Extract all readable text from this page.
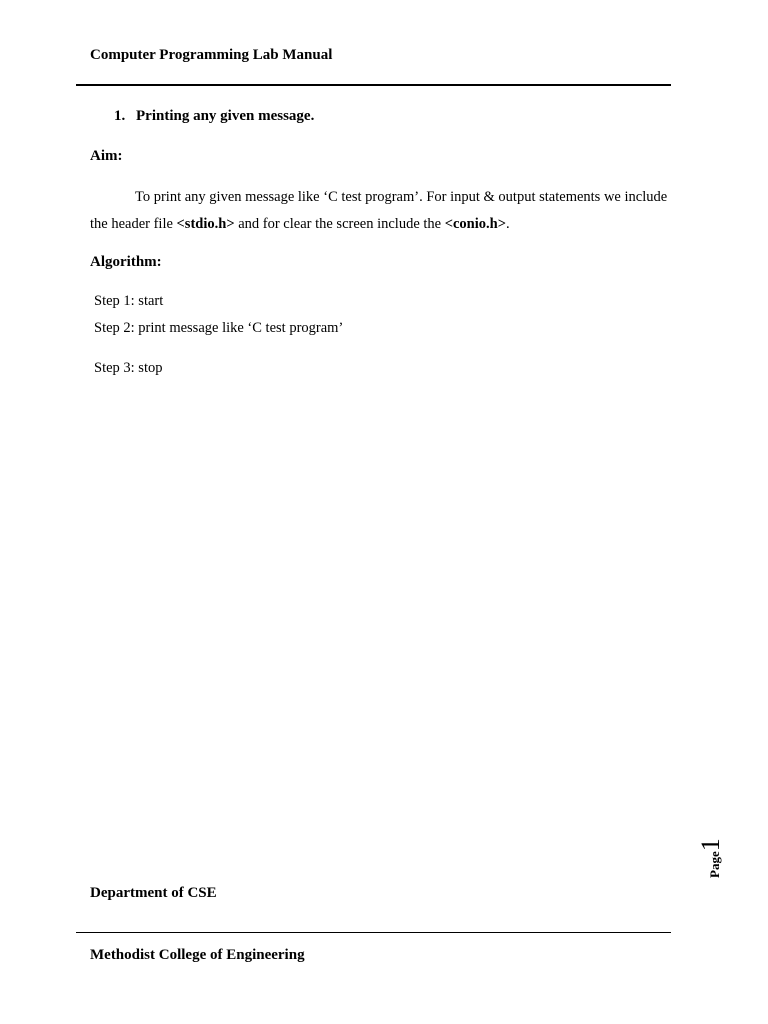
Computer Programming Lab Manual
1. Printing any given message.
Aim:
To print any given message like ‘C test program’. For input & output statements we include the header file <stdio.h> and for clear the screen include the <conio.h>.
Algorithm:
Step 1: start
Step 2: print message like ‘C test program’
Step 3: stop
Page1
Department of CSE
Methodist College of Engineering
